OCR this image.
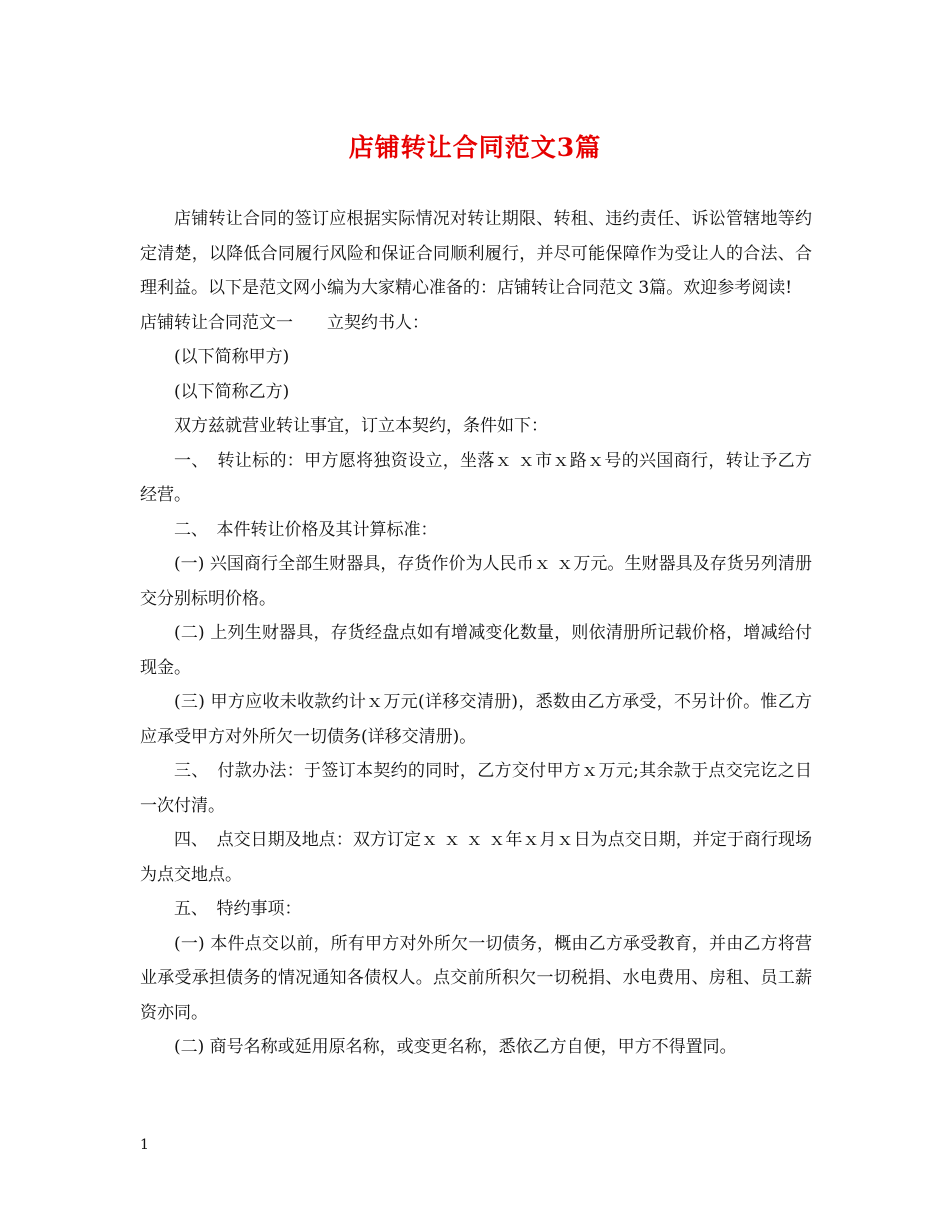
店铺转让合同范文3篇

店铺转让合同的签订应根据实际情况对转让期限、转租、违约责任、诉讼管辖地等约定清楚，以降低合同履行风险和保证合同顺利履行，并尽可能保障作为受让人的合法、合理利益。以下是范文网小编为大家精心准备的：店铺转让合同范文 3篇。欢迎参考阅读!

店铺转让合同范文一　　立契约书人：

(以下简称甲方)

(以下简称乙方)

双方兹就营业转让事宜，订立本契约，条件如下：

一、　转让标的：甲方愿将独资设立，坐落ｘ ｘ市ｘ路ｘ号的兴国商行，转让予乙方经营。

二、　本件转让价格及其计算标准：

(一) 兴国商行全部生财器具，存货作价为人民币ｘ ｘ万元。生财器具及存货另列清册交分别标明价格。

(二) 上列生财器具，存货经盘点如有增减变化数量，则依清册所记载价格，增减给付现金。

(三) 甲方应收未收款约计ｘ万元(详移交清册)，悉数由乙方承受，不另计价。惟乙方应承受甲方对外所欠一切债务(详移交清册)。

三、　付款办法：于签订本契约的同时，乙方交付甲方ｘ万元;其余款于点交完讫之日一次付清。

四、　点交日期及地点：双方订定ｘ ｘ ｘ ｘ年ｘ月ｘ日为点交日期，并定于商行现场为点交地点。

五、　特约事项：

(一) 本件点交以前，所有甲方对外所欠一切债务，概由乙方承受教育，并由乙方将营业承受承担债务的情况通知各债权人。点交前所积欠一切税捐、水电费用、房租、员工薪资亦同。

(二) 商号名称或延用原名称，或变更名称，悉依乙方自便，甲方不得置同。

1
